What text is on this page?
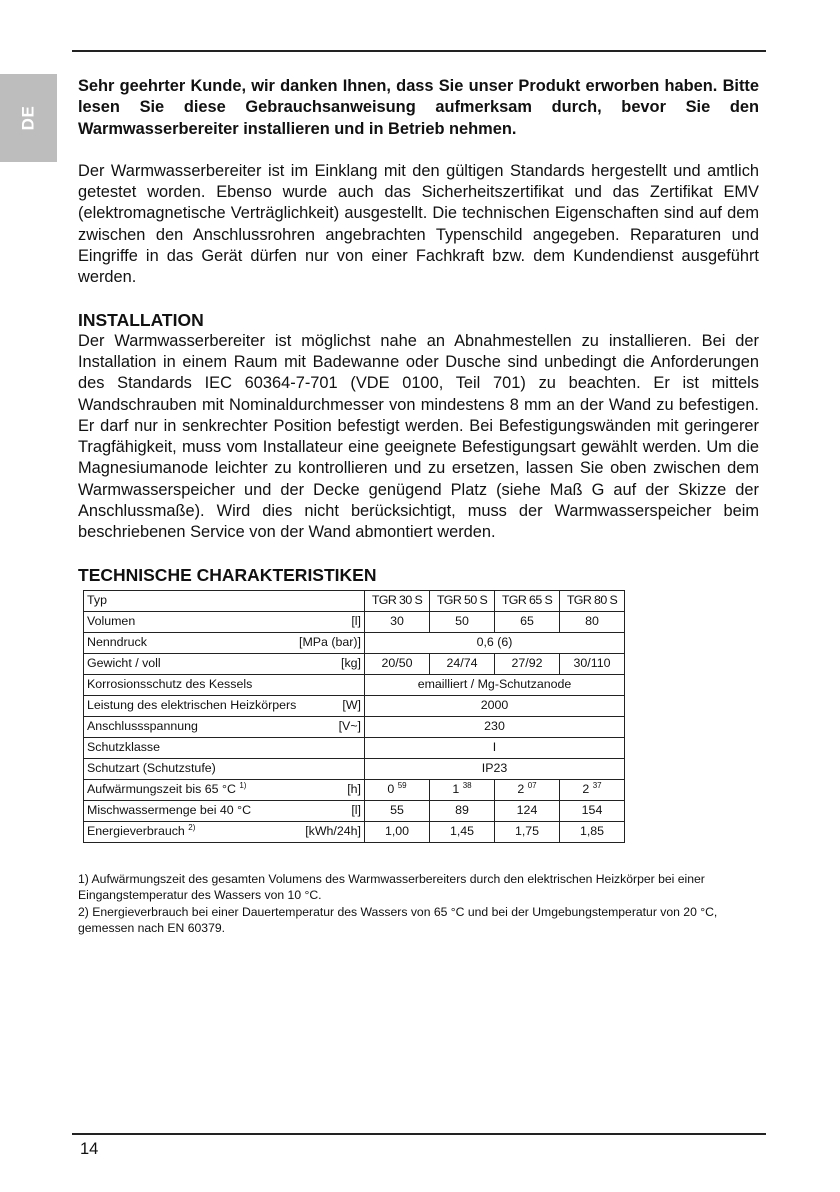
DE

Sehr geehrter Kunde, wir danken Ihnen, dass Sie unser Produkt erworben haben. Bitte lesen Sie diese Gebrauchsanweisung aufmerksam durch, bevor Sie den Warmwasserbereiter installieren und in Betrieb nehmen.

Der Warmwasserbereiter ist im Einklang mit den gültigen Standards hergestellt und amtlich getestet worden. Ebenso wurde auch das Sicherheitszertifikat und das Zertifikat EMV (elektromagnetische Verträglichkeit) ausgestellt. Die technischen Eigenschaften sind auf dem zwischen den Anschlussrohren angebrachten Typenschild angegeben. Reparaturen und Eingriffe in das Gerät dürfen nur von einer Fachkraft bzw. dem Kundendienst ausgeführt werden.

INSTALLATION

Der Warmwasserbereiter ist möglichst nahe an Abnahmestellen zu installieren. Bei der Installation in einem Raum mit Badewanne oder Dusche sind unbedingt die Anforderungen des Standards IEC 60364-7-701 (VDE 0100, Teil 701) zu beachten. Er ist mittels Wandschrauben mit Nominaldurchmesser von mindestens 8 mm an der Wand zu befestigen. Er darf nur in senkrechter Position befestigt werden. Bei Befestigungswänden mit geringerer Tragfähigkeit, muss vom Installateur eine geeignete Befestigungsart gewählt werden. Um die Magnesiumanode leichter zu kontrollieren und zu ersetzen, lassen Sie oben zwischen dem Warmwasserspeicher und der Decke genügend Platz (siehe Maß G auf der Skizze der Anschlussmaße). Wird dies nicht berücksichtigt, muss der Warmwasserspeicher beim beschriebenen Service von der Wand abmontiert werden.

TECHNISCHE CHARAKTERISTIKEN
Typ	TGR 30 S	TGR 50 S	TGR 65 S	TGR 80 S

Volumen [l]	30	50	65	80

Nenndruck [MPa (bar)]	0,6 (6)			

Gewicht / voll [kg]	20/50	24/74	27/92	30/110

Korrosionsschutz des Kessels	emailliert / Mg-Schutzanode			

Leistung des elektrischen Heizkörpers [W]	2000			

Anschlussspannung [V~]	230			

Schutzklasse	I			

Schutzart (Schutzstufe)	IP23			

Aufwärmungszeit bis 65 °C $^{1)}$ [h]	0 $^{59}$	1 $^{38}$	2 $^{07}$	2 $^{37}$

Mischwassermenge bei 40 °C [l]	55	89	124	154

Energieverbrauch $^{2)}$ [kWh/24h]	1,00	1,45	1,75	1,85

1) Aufwärmungszeit des gesamten Volumens des Warmwasserbereiters durch den elektrischen Heizkörper bei einer Eingangstemperatur des Wassers von 10 °C.

2) Energieverbrauch bei einer Dauertemperatur des Wassers von 65 °C und bei der Umgebungstemperatur von 20 °C, gemessen nach EN 60379.

14
